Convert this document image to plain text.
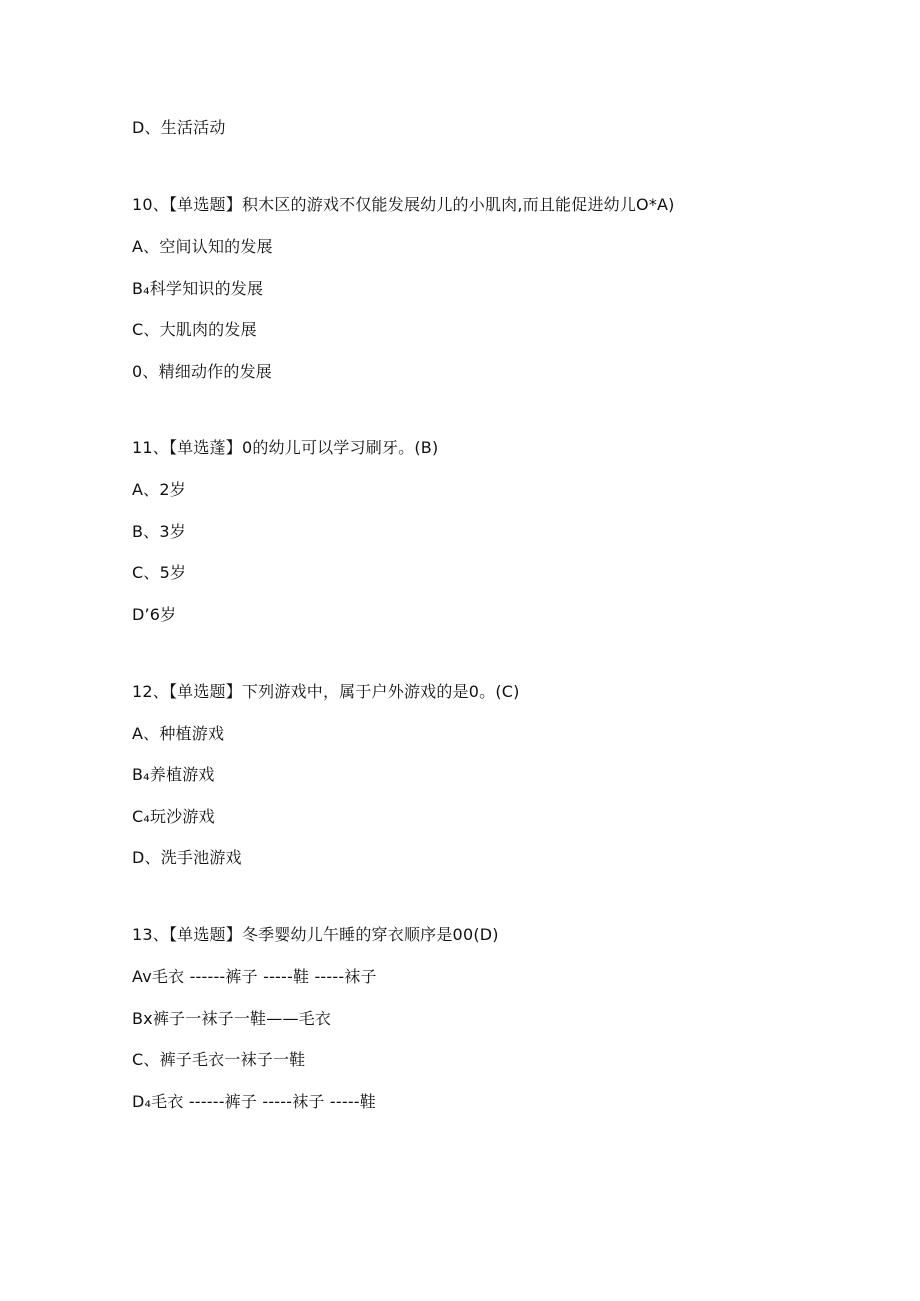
D、生活活动
10、【单选题】积木区的游戏不仅能发展幼儿的小肌肉,而且能促进幼儿O*A)
A、空间认知的发展
B₄科学知识的发展
C、大肌肉的发展
0、精细动作的发展
11、【单选蓬】0的幼儿可以学习刷牙。(B)
A、2岁
B、3岁
C、5岁
D’6岁
12、【单选题】下列游戏中，属于户外游戏的是0。(C)
A、种植游戏
B₄养植游戏
C₄玩沙游戏
D、洗手池游戏
13、【单选题】冬季婴幼儿午睡的穿衣顺序是00(D)
Av毛衣 ------裤子 -----鞋 -----袜子
Bx裤子一袜子一鞋——毛衣
C、裤子毛衣一袜子一鞋
D₄毛衣 ------裤子 -----袜子 -----鞋
